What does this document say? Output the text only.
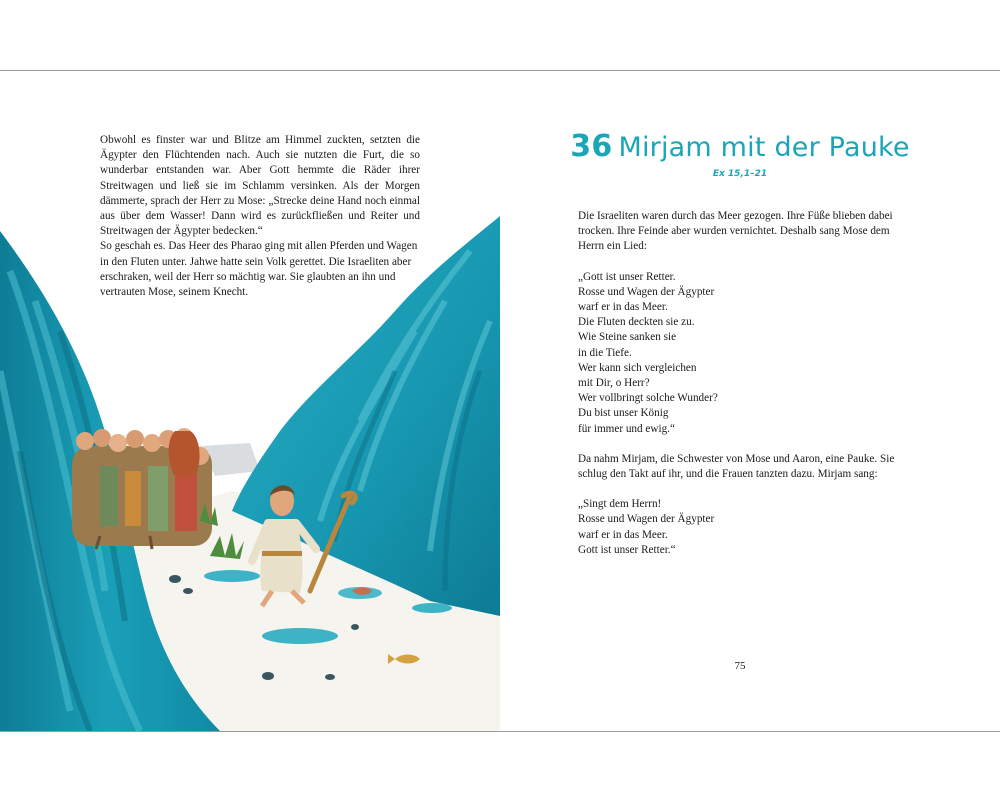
Obwohl es finster war und Blitze am Himmel zuckten, setzten die Ägypter den Flüchtenden nach. Auch sie nutzten die Furt, die so wunderbar entstanden war. Aber Gott hemmte die Räder ihrer Streitwagen und ließ sie im Schlamm versinken. Als der Morgen dämmerte, sprach der Herr zu Mose: „Strecke deine Hand noch einmal aus über dem Wasser! Dann wird es zurückfließen und Reiter und Streitwagen der Ägypter bedecken.“

So geschah es. Das Heer des Pharao ging mit allen Pferden und Wagen in den Fluten unter. Jahwe hatte sein Volk gerettet. Die Israeliten aber erschraken, weil der Herr so mächtig war. Sie glaubten an ihn und vertrauten Mose, seinem Knecht.

36 Mirjam mit der Pauke
Ex 15,1–21

Die Israeliten waren durch das Meer gezogen. Ihre Füße blieben dabei trocken. Ihre Feinde aber wurden vernichtet. Deshalb sang Mose dem Herrn ein Lied:

„Gott ist unser Retter.
Rosse und Wagen der Ägypter
warf er in das Meer.
Die Fluten deckten sie zu.
Wie Steine sanken sie
in die Tiefe.
Wer kann sich vergleichen
mit Dir, o Herr?
Wer vollbringt solche Wunder?
Du bist unser König
für immer und ewig.“

Da nahm Mirjam, die Schwester von Mose und Aaron, eine Pauke. Sie schlug den Takt auf ihr, und die Frauen tanzten dazu. Mirjam sang:

„Singt dem Herrn!
Rosse und Wagen der Ägypter
warf er in das Meer.
Gott ist unser Retter.“

75
